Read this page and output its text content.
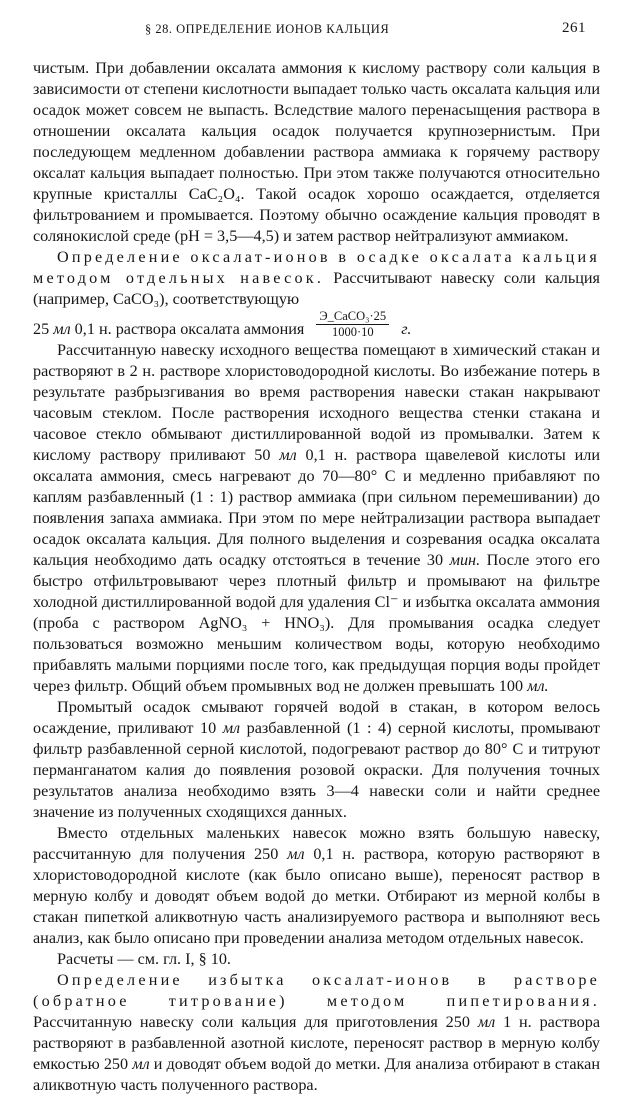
§ 28. ОПРЕДЕЛЕНИЕ ИОНОВ КАЛЬЦИЯ	261

чистым. При добавлении оксалата аммония к кислому раствору соли кальция в зависимости от степени кислотности выпадает только часть оксалата кальция или осадок может совсем не выпасть. Вследствие малого перенасыщения раствора в отношении оксалата кальция осадок получается крупнозернистым. При последующем медленном добавлении раствора аммиака к горячему раствору оксалат кальция выпадает полностью. При этом также получаются относительно крупные кристаллы CaC₂O₄. Такой осадок хорошо осаждается, отделяется фильтрованием и промывается. Поэтому обычно осаждение кальция проводят в солянокислой среде (pH = 3,5—4,5) и затем раствор нейтрализуют аммиаком.

Определение оксалат-ионов в осадке оксалата кальция методом отдельных навесок. Рассчитывают навеску соли кальция (например, CaCO₃), соответствующую

25 мл 0,1 н. раствора оксалата аммония $\frac{\text{Э\_CaCO₃·25}}{1000\cdot 10} г$.

Рассчитанную навеску исходного вещества помещают в химический стакан и растворяют в 2 н. растворе хлористоводородной кислоты. Во избежание потерь в результате разбрызгивания во время растворения навески стакан накрывают часовым стеклом. После растворения исходного вещества стенки стакана и часовое стекло обмывают дистиллированной водой из промывалки. Затем к кислому раствору приливают 50 мл 0,1 н. раствора щавелевой кислоты или оксалата аммония, смесь нагревают до 70—80° C и медленно прибавляют по каплям разбавленный (1 : 1) раствор аммиака (при сильном перемешивании) до появления запаха аммиака. При этом по мере нейтрализации раствора выпадает осадок оксалата кальция. Для полного выделения и созревания осадка оксалата кальция необходимо дать осадку отстояться в течение 30 мин. После этого его быстро отфильтровывают через плотный фильтр и промывают на фильтре холодной дистиллированной водой для удаления Cl⁻ и избытка оксалата аммония (проба с раствором AgNO₃ + HNO₃). Для промывания осадка следует пользоваться возможно меньшим количеством воды, которую необходимо прибавлять малыми порциями после того, как предыдущая порция воды пройдет через фильтр. Общий объем промывных вод не должен превышать 100 мл.

Промытый осадок смывают горячей водой в стакан, в котором велось осаждение, приливают 10 мл разбавленной (1 : 4) серной кислоты, промывают фильтр разбавленной серной кислотой, подогревают раствор до 80° C и титруют перманганатом калия до появления розовой окраски. Для получения точных результатов анализа необходимо взять 3—4 навески соли и найти среднее значение из полученных сходящихся данных.

Вместо отдельных маленьких навесок можно взять большую навеску, рассчитанную для получения 250 мл 0,1 н. раствора, которую растворяют в хлористоводородной кислоте (как было описано выше), переносят раствор в мерную колбу и доводят объем водой до метки. Отбирают из мерной колбы в стакан пипеткой аликвотную часть анализируемого раствора и выполняют весь анализ, как было описано при проведении анализа методом отдельных навесок.

Расчеты — см. гл. I, § 10.

Определение избытка оксалат-ионов в растворе (обратное титрование) методом пипетирования. Рассчитанную навеску соли кальция для приготовления 250 мл 1 н. раствора растворяют в разбавленной азотной кислоте, переносят раствор в мерную колбу емкостью 250 мл и доводят объем водой до метки. Для анализа отбирают в стакан аликвотную часть полученного раствора.
